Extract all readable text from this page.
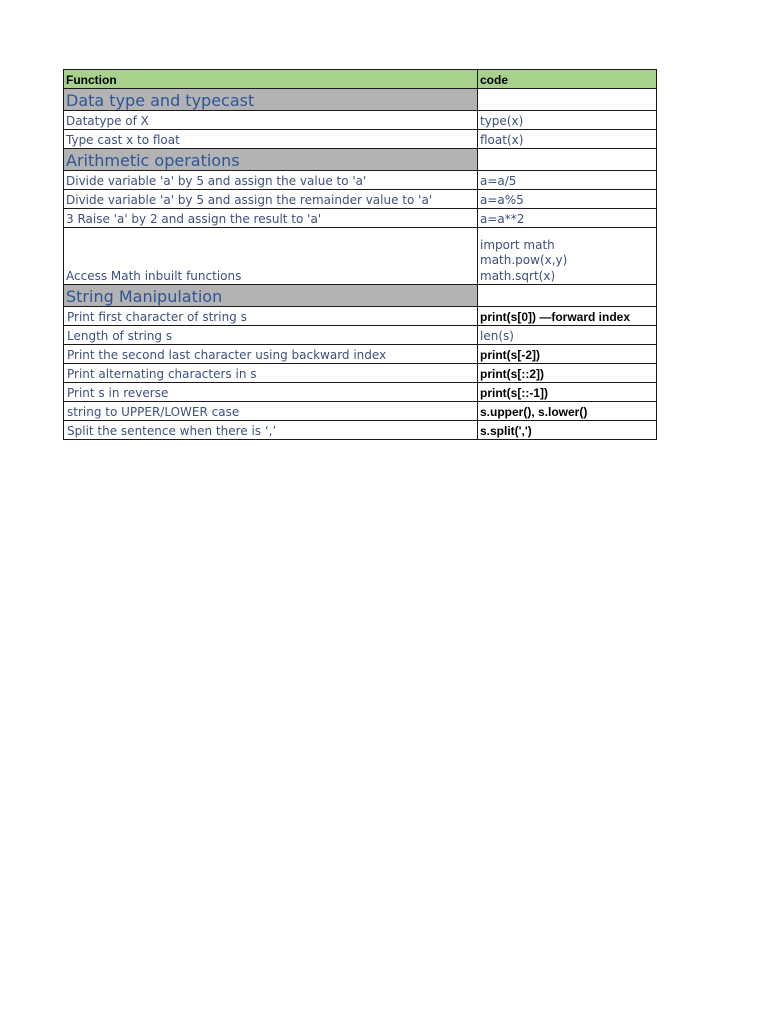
Function	code
Data type and typecast	
Datatype of X	type(x)
Type cast x to float	float(x)
Arithmetic operations	
Divide variable 'a' by 5 and assign the value to 'a'	a=a/5
Divide variable 'a' by 5 and assign the remainder value to 'a'	a=a%5
3 Raise 'a' by 2 and assign the result to 'a'	a=a**2
Access Math inbuilt functions	import math
math.pow(x,y)
math.sqrt(x)

String Manipulation	
Print first character of string s	print(s[0]) —forward index
Length of string s	len(s)
Print the second last character using backward index	print(s[-2])
Print alternating characters in s	print(s[::2])
Print s in reverse	print(s[::-1])
string to UPPER/LOWER case	s.upper(), s.lower()
Split the sentence when there is ‘,’	s.split(',')
